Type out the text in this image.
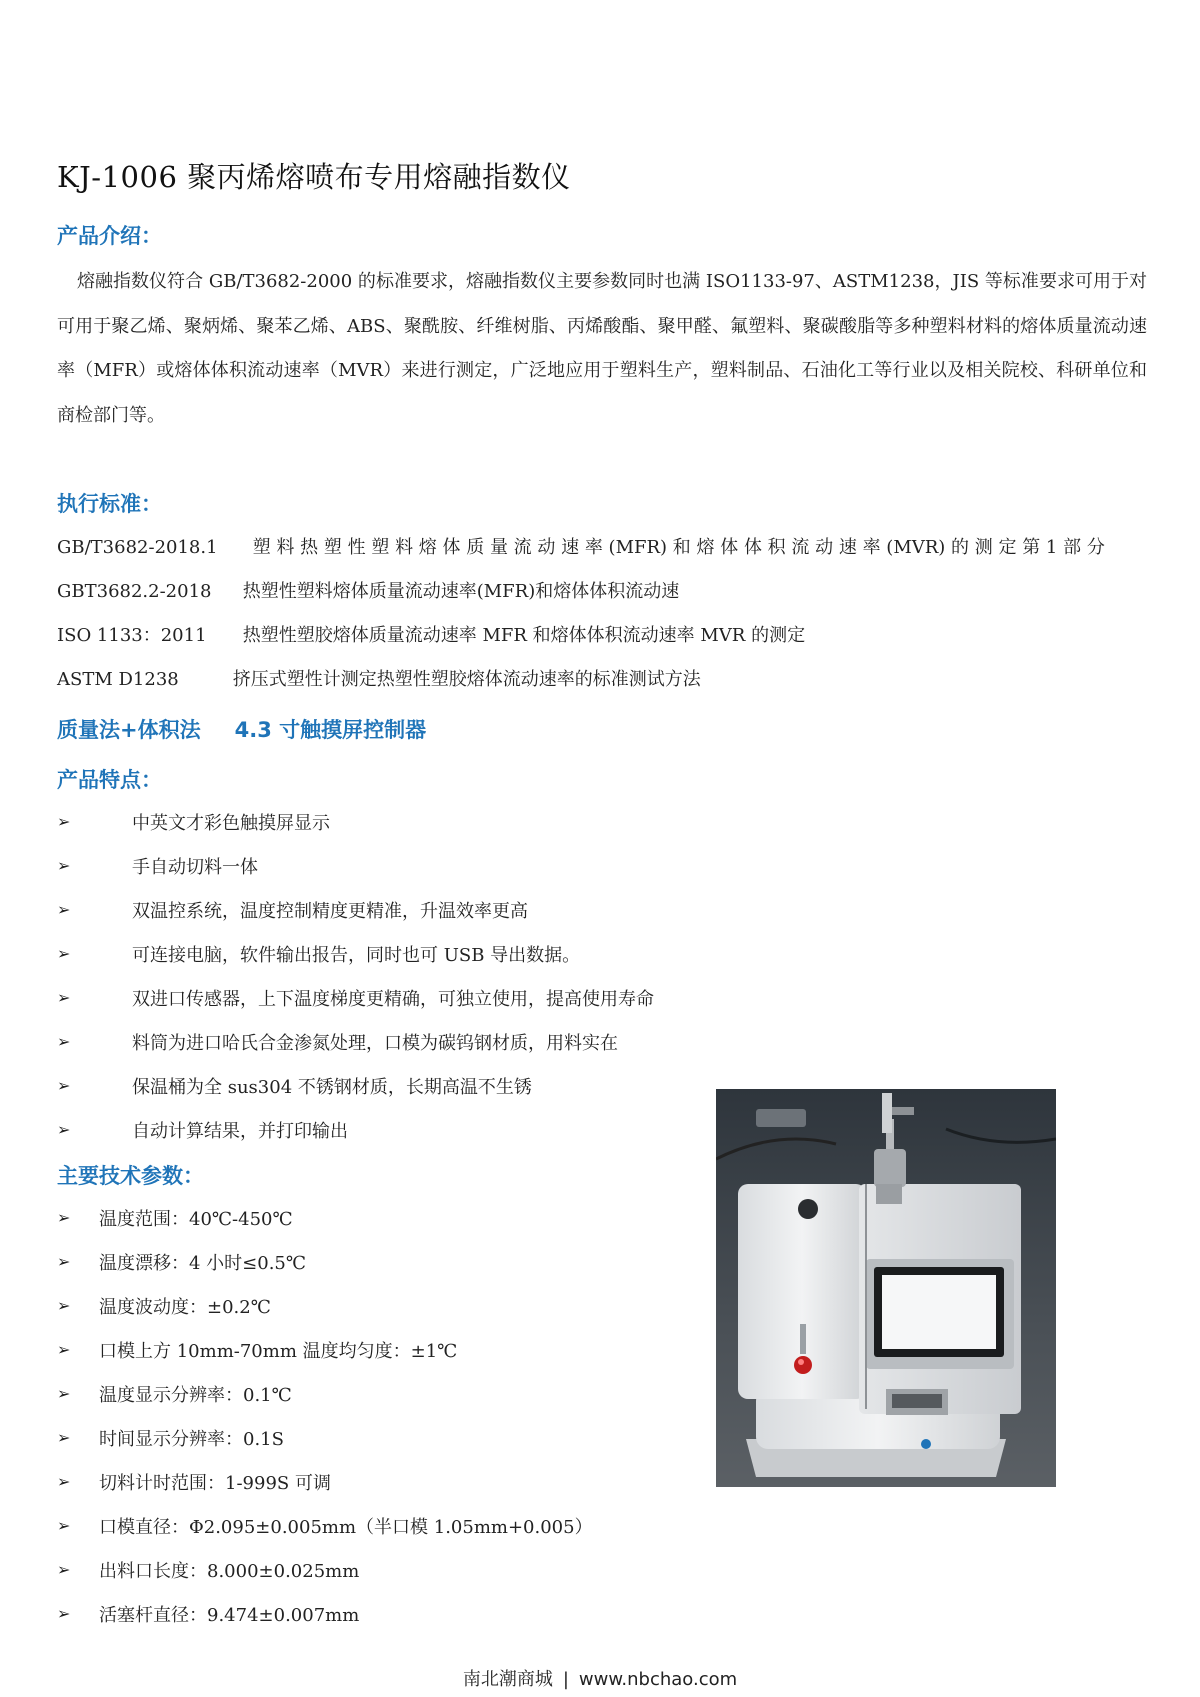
KJ-1006 聚丙烯熔喷布专用熔融指数仪
产品介绍：

熔融指数仪符合 GB/T3682-2000 的标准要求，熔融指数仪主要参数同时也满 ISO1133-97、ASTM1238，JIS 等标准要求可用于对可用于聚乙烯、聚炳烯、聚苯乙烯、ABS、聚酰胺、纤维树脂、丙烯酸酯、聚甲醛、氟塑料、聚碳酸脂等多种塑料材料的熔体质量流动速率（MFR）或熔体体积流动速率（MVR）来进行测定，广泛地应用于塑料生产，塑料制品、石油化工等行业以及相关院校、科研单位和商检部门等。

执行标准：
GB/T3682-2018.1 塑 料 热 塑 性 塑 料 熔 体 质 量 流 动 速 率 (MFR) 和 熔 体 体 积 流 动 速 率 (MVR) 的 测 定 第 1 部 分
GBT3682.2-2018 热塑性塑料熔体质量流动速率(MFR)和熔体体积流动速
ISO 1133：2011 热塑性塑胶熔体质量流动速率 MFR 和熔体体积流动速率 MVR 的测定
ASTM D1238	挤压式塑性计测定热塑性塑胶熔体流动速率的标准测试方法
质量法+体积法 4.3 寸触摸屏控制器
产品特点：
➢	中英文才彩色触摸屏显示
➢	手自动切料一体
➢	双温控系统，温度控制精度更精准，升温效率更高
➢	可连接电脑，软件输出报告，同时也可 USB 导出数据。
➢	双进口传感器，上下温度梯度更精确，可独立使用，提高使用寿命
➢	料筒为进口哈氏合金渗氮处理，口模为碳钨钢材质，用料实在
➢	保温桶为全 sus304 不锈钢材质，长期高温不生锈
➢	自动计算结果，并打印输出
主要技术参数：
➢ 温度范围：40℃-450℃
➢ 温度漂移：4 小时≤0.5℃
➢ 温度波动度：±0.2℃
➢ 口模上方 10mm-70mm 温度均匀度：±1℃
➢ 温度显示分辨率：0.1℃
➢ 时间显示分辨率：0.1S
➢ 切料计时范围：1-999S 可调
➢ 口模直径：Φ2.095±0.005mm（半口模 1.05mm+0.005）
➢ 出料口长度：8.000±0.025mm
➢ 活塞杆直径：9.474±0.007mm
南北潮商城 | www.nbchao.com
